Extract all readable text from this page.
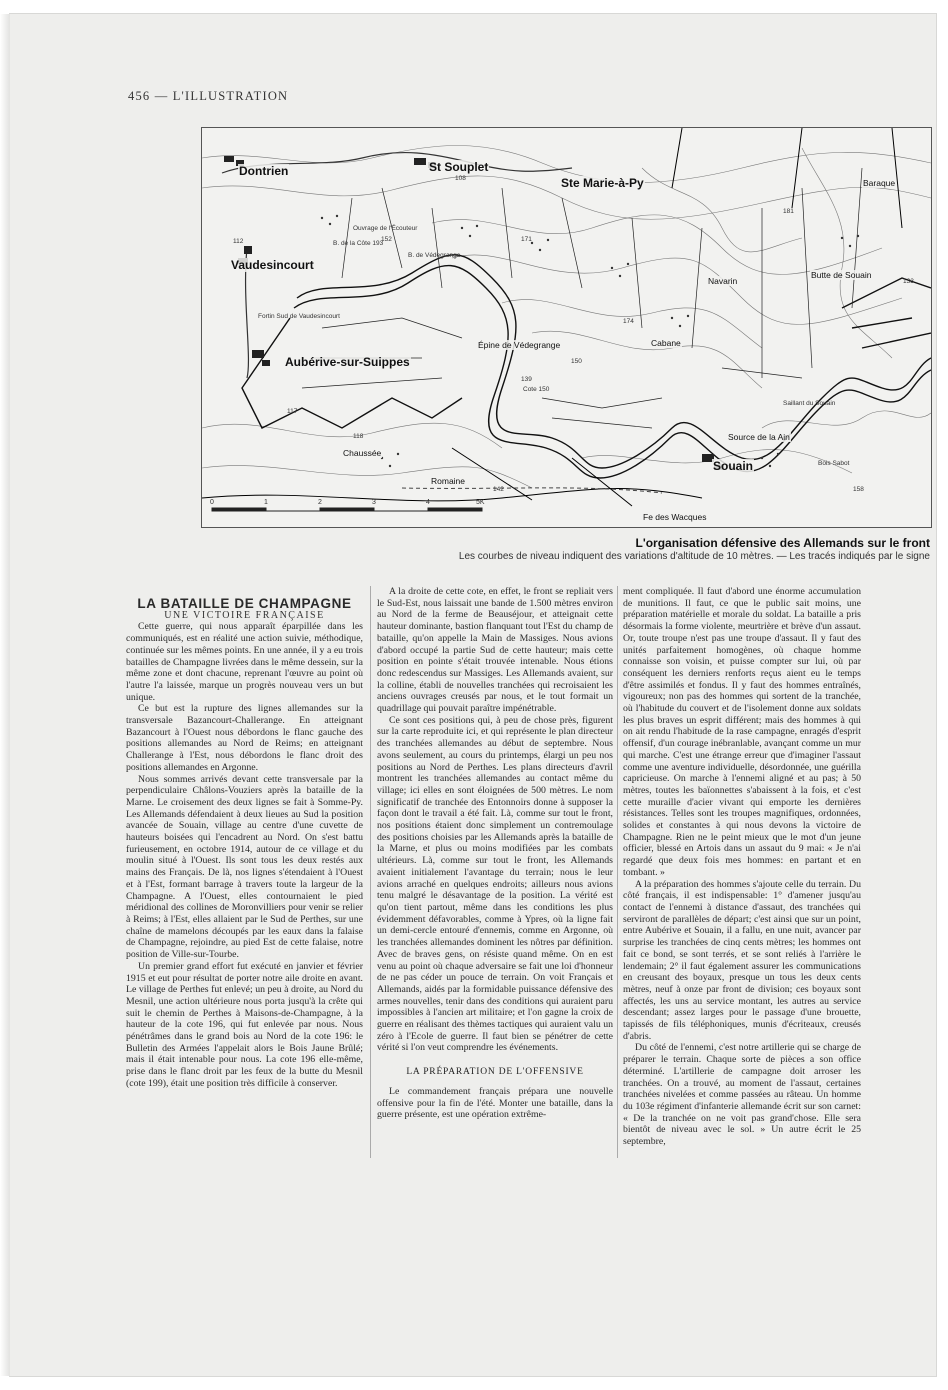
456 — L'ILLUSTRATION
Dontrien	St Souplet
Ste Marie-à-Py
Vaudesincourt
Épine de Védegrange
Aubérive-sur-Suippes
Souain
Navarin
Baraque
Cabane
Butte de Souain
Chaussée
Romaine
Source de la Ain
Fe des Wacques
Bois Sabot
Saillant du Souain
B. de la Côte 193
B. de Védegrange
Cote 150
Ouvrage de l'Écouteur
Fortin Sud de Vaudesincourt
112	152	171
181
133
174
139
150
158
117
118
142
108
0	1	2	3	4	5K
L'organisation défensive des Allemands sur le front
Les courbes de niveau indiquent des variations d'altitude de 10 mètres. — Les tracés indiqués par le signe

LA BATAILLE DE CHAMPAGNE

UNE VICTOIRE FRANÇAISE

Cette guerre, qui nous apparaît éparpillée dans les communiqués, est en réalité une action suivie, méthodique, continuée sur les mêmes points. En une année, il y a eu trois batailles de Champagne livrées dans le même dessein, sur la même zone et dont chacune, reprenant l'œuvre au point où l'autre l'a laissée, marque un progrès nouveau vers un but unique.

Ce but est la rupture des lignes allemandes sur la transversale Bazancourt-Challerange. En atteignant Bazancourt à l'Ouest nous débordons le flanc gauche des positions allemandes au Nord de Reims; en atteignant Challerange à l'Est, nous débordons le flanc droit des positions allemandes en Argonne.

Nous sommes arrivés devant cette transversale par la perpendiculaire Châlons-Vouziers après la bataille de la Marne. Le croisement des deux lignes se fait à Somme-Py. Les Allemands défendaient à deux lieues au Sud la position avancée de Souain, village au centre d'une cuvette de hauteurs boisées qui l'encadrent au Nord. On s'est battu furieusement, en octobre 1914, autour de ce village et du moulin situé à l'Ouest. Ils sont tous les deux restés aux mains des Français. De là, nos lignes s'étendaient à l'Ouest et à l'Est, formant barrage à travers toute la largeur de la Champagne. A l'Ouest, elles contournaient le pied méridional des collines de Moronvilliers pour venir se relier à Reims; à l'Est, elles allaient par le Sud de Perthes, sur une chaîne de mamelons découpés par les eaux dans la falaise de Champagne, rejoindre, au pied Est de cette falaise, notre position de Ville-sur-Tourbe.

Un premier grand effort fut exécuté en janvier et février 1915 et eut pour résultat de porter notre aile droite en avant. Le village de Perthes fut enlevé; un peu à droite, au Nord du Mesnil, une action ultérieure nous porta jusqu'à la crête qui suit le chemin de Perthes à Maisons-de-Champagne, à la hauteur de la cote 196, qui fut enlevée par nous. Nous pénétrâmes dans le grand bois au Nord de la cote 196: le Bulletin des Armées l'appelait alors le Bois Jaune Brûlé; mais il était intenable pour nous. La cote 196 elle-même, prise dans le flanc droit par les feux de la butte du Mesnil (cote 199), était une position très difficile à conserver.

A la droite de cette cote, en effet, le front se repliait vers le Sud-Est, nous laissait une bande de 1.500 mètres environ au Nord de la ferme de Beauséjour, et atteignait cette hauteur dominante, bastion flanquant tout l'Est du champ de bataille, qu'on appelle la Main de Massiges. Nous avions d'abord occupé la partie Sud de cette hauteur; mais cette position en pointe s'était trouvée intenable. Nous étions donc redescendus sur Massiges. Les Allemands avaient, sur la colline, établi de nouvelles tranchées qui recroisaient les anciens ouvrages creusés par nous, et le tout formait un quadrillage qui pouvait paraître impénétrable.

Ce sont ces positions qui, à peu de chose près, figurent sur la carte reproduite ici, et qui représente le plan directeur des tranchées allemandes au début de septembre. Nous avons seulement, au cours du printemps, élargi un peu nos positions au Nord de Perthes. Les plans directeurs d'avril montrent les tranchées allemandes au contact même du village; ici elles en sont éloignées de 500 mètres. Le nom significatif de tranchée des Entonnoirs donne à supposer la façon dont le travail a été fait. Là, comme sur tout le front, nos positions étaient donc simplement un contremoulage des positions choisies par les Allemands après la bataille de la Marne, et plus ou moins modifiées par les combats ultérieurs. Là, comme sur tout le front, les Allemands avaient initialement l'avantage du terrain; nous le leur avions arraché en quelques endroits; ailleurs nous avions tenu malgré le désavantage de la position. La vérité est qu'on tient partout, même dans les conditions les plus évidemment défavorables, comme à Ypres, où la ligne fait un demi-cercle entouré d'ennemis, comme en Argonne, où les tranchées allemandes dominent les nôtres par définition. Avec de braves gens, on résiste quand même. On en est venu au point où chaque adversaire se fait une loi d'honneur de ne pas céder un pouce de terrain. On voit Français et Allemands, aidés par la formidable puissance défensive des armes nouvelles, tenir dans des conditions qui auraient paru impossibles à l'ancien art militaire; et l'on gagne la croix de guerre en réalisant des thèmes tactiques qui auraient valu un zéro à l'Ecole de guerre. Il faut bien se pénétrer de cette vérité si l'on veut comprendre les événements.

LA PRÉPARATION DE L'OFFENSIVE

Le commandement français prépara une nouvelle offensive pour la fin de l'été. Monter une bataille, dans la guerre présente, est une opération extrême-

ment compliquée. Il faut d'abord une énorme accumulation de munitions. Il faut, ce que le public sait moins, une préparation matérielle et morale du soldat. La bataille a pris désormais la forme violente, meurtrière et brève d'un assaut. Or, toute troupe n'est pas une troupe d'assaut. Il y faut des unités parfaitement homogènes, où chaque homme connaisse son voisin, et puisse compter sur lui, où par conséquent les derniers renforts reçus aient eu le temps d'être assimilés et fondus. Il y faut des hommes entraînés, vigoureux; non pas des hommes qui sortent de la tranchée, où l'habitude du couvert et de l'isolement donne aux soldats les plus braves un esprit différent; mais des hommes à qui on ait rendu l'habitude de la rase campagne, enragés d'esprit offensif, d'un courage inébranlable, avançant comme un mur qui marche. C'est une étrange erreur que d'imaginer l'assaut comme une aventure individuelle, désordonnée, une guérilla capricieuse. On marche à l'ennemi aligné et au pas; à 50 mètres, toutes les baïonnettes s'abaissent à la fois, et c'est cette muraille d'acier vivant qui emporte les dernières résistances. Telles sont les troupes magnifiques, ordonnées, solides et constantes à qui nous devons la victoire de Champagne. Rien ne le peint mieux que le mot d'un jeune officier, blessé en Artois dans un assaut du 9 mai: « Je n'ai regardé que deux fois mes hommes: en partant et en tombant. »

A la préparation des hommes s'ajoute celle du terrain. Du côté français, il est indispensable: 1° d'amener jusqu'au contact de l'ennemi à distance d'assaut, des tranchées qui serviront de parallèles de départ; c'est ainsi que sur un point, entre Aubérive et Souain, il a fallu, en une nuit, avancer par surprise les tranchées de cinq cents mètres; les hommes ont fait ce bond, se sont terrés, et se sont reliés à l'arrière le lendemain; 2° il faut également assurer les communications en creusant des boyaux, presque un tous les deux cents mètres, neuf à onze par front de division; ces boyaux sont affectés, les uns au service montant, les autres au service descendant; assez larges pour le passage d'une brouette, tapissés de fils téléphoniques, munis d'écriteaux, creusés d'abris.

Du côté de l'ennemi, c'est notre artillerie qui se charge de préparer le terrain. Chaque sorte de pièces a son office déterminé. L'artillerie de campagne doit arroser les tranchées. On a trouvé, au moment de l'assaut, certaines tranchées nivelées et comme passées au râteau. Un homme du 103e régiment d'infanterie allemande écrit sur son carnet: « De la tranchée on ne voit pas grand'chose. Elle sera bientôt de niveau avec le sol. » Un autre écrit le 25 septembre,
